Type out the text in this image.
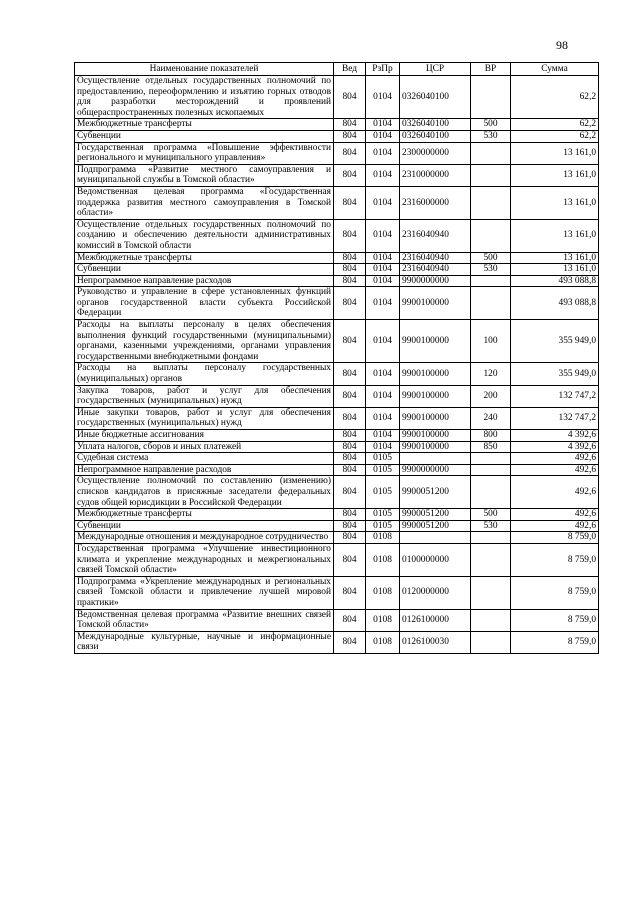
98
Наименование показателей	Вед	РзПр	ЦСР	ВР	Сумма
Осуществление отдельных государственных полномочий по предоставлению, переоформлению и изъятию горных отводов для разработки месторождений и проявлений общераспространенных полезных ископаемых	804	0104	0326040100		62,2
Межбюджетные трансферты	804	0104	0326040100	500	62,2
Субвенции	804	0104	0326040100	530	62,2
Государственная программа «Повышение эффективности регионального и муниципального управления»	804	0104	2300000000		13 161,0
Подпрограмма «Развитие местного самоуправления и муниципальной службы в Томской области»	804	0104	2310000000		13 161,0
Ведомственная целевая программа «Государственная поддержка развития местного самоуправления в Томской области»	804	0104	2316000000		13 161,0
Осуществление отдельных государственных полномочий по созданию и обеспечению деятельности административных комиссий в Томской области	804	0104	2316040940		13 161,0
Межбюджетные трансферты	804	0104	2316040940	500	13 161,0
Субвенции	804	0104	2316040940	530	13 161,0
Непрограммное направление расходов	804	0104	9900000000		493 088,8
Руководство и управление в сфере установленных функций органов государственной власти субъекта Российской Федерации	804	0104	9900100000		493 088,8
Расходы на выплаты персоналу в целях обеспечения выполнения функций государственными (муниципальными) органами, казенными учреждениями, органами управления государственными внебюджетными фондами	804	0104	9900100000	100	355 949,0
Расходы на выплаты персоналу государственных (муниципальных) органов	804	0104	9900100000	120	355 949,0
Закупка товаров, работ и услуг для обеспечения государственных (муниципальных) нужд	804	0104	9900100000	200	132 747,2
Иные закупки товаров, работ и услуг для обеспечения государственных (муниципальных) нужд	804	0104	9900100000	240	132 747,2
Иные бюджетные ассигнования	804	0104	9900100000	800	4 392,6
Уплата налогов, сборов и иных платежей	804	0104	9900100000	850	4 392,6
Судебная система	804	0105			492,6
Непрограммное направление расходов	804	0105	9900000000		492,6
Осуществление полномочий по составлению (изменению) списков кандидатов в присяжные заседатели федеральных судов общей юрисдикции в Российской Федерации	804	0105	9900051200		492,6
Межбюджетные трансферты	804	0105	9900051200	500	492,6
Субвенции	804	0105	9900051200	530	492,6
Международные отношения и международное сотрудничество	804	0108			8 759,0
Государственная программа «Улучшение инвестиционного климата и укрепление международных и межрегиональных связей Томской области»	804	0108	0100000000		8 759,0
Подпрограмма «Укрепление международных и региональных связей Томской области и привлечение лучшей мировой практики»	804	0108	0120000000		8 759,0
Ведомственная целевая программа «Развитие внешних связей Томской области»	804	0108	0126100000		8 759,0
Международные культурные, научные и информационные связи	804	0108	0126100030		8 759,0
